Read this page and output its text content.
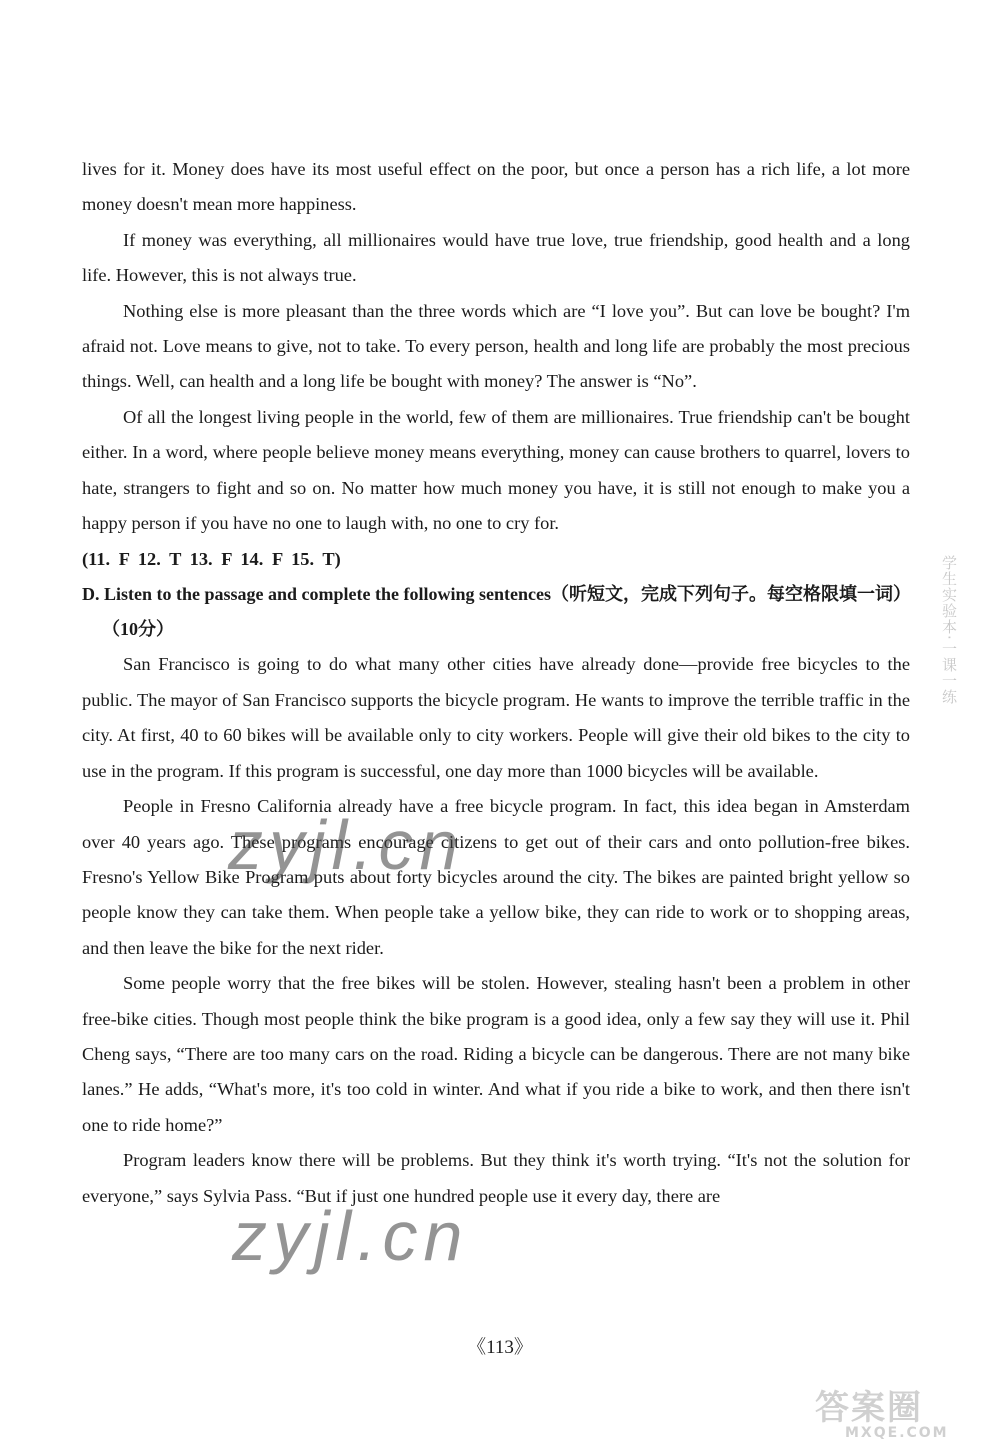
学生实验本·一课一练

lives for it. Money does have its most useful effect on the poor, but once a person has a rich life, a lot more money doesn't mean more happiness.

If money was everything, all millionaires would have true love, true friendship, good health and a long life. However, this is not always true.

Nothing else is more pleasant than the three words which are “I love you”. But can love be bought? I'm afraid not. Love means to give, not to take. To every person, health and long life are probably the most precious things. Well, can health and a long life be bought with money? The answer is “No”.

Of all the longest living people in the world, few of them are millionaires. True friendship can't be bought either. In a word, where people believe money means everything, money can cause brothers to quarrel, lovers to hate, strangers to fight and so on. No matter how much money you have, it is still not enough to make you a happy person if you have no one to laugh with, no one to cry for.

(11. F 12. T 13. F 14. F 15. T)

D. Listen to the passage and complete the following sentences（听短文，完成下列句子。每空格限填一词）（10分）

San Francisco is going to do what many other cities have already done—provide free bicycles to the public. The mayor of San Francisco supports the bicycle program. He wants to improve the terrible traffic in the city. At first, 40 to 60 bikes will be available only to city workers. People will give their old bikes to the city to use in the program. If this program is successful, one day more than 1000 bicycles will be available.

People in Fresno California already have a free bicycle program. In fact, this idea began in Amsterdam over 40 years ago. These programs encourage citizens to get out of their cars and onto pollution-free bikes. Fresno's Yellow Bike Program puts about forty bicycles around the city. The bikes are painted bright yellow so people know they can take them. When people take a yellow bike, they can ride to work or to shopping areas, and then leave the bike for the next rider.

Some people worry that the free bikes will be stolen. However, stealing hasn't been a problem in other free-bike cities. Though most people think the bike program is a good idea, only a few say they will use it. Phil Cheng says, “There are too many cars on the road. Riding a bicycle can be dangerous. There are not many bike lanes.” He adds, “What's more, it's too cold in winter. And what if you ride a bike to work, and then there isn't one to ride home?”

Program leaders know there will be problems. But they think it's worth trying. “It's not the solution for everyone,” says Sylvia Pass. “But if just one hundred people use it every day, there are

zyjl.cn
zyjl.cn
《113》
答案圈
MXQE.COM
